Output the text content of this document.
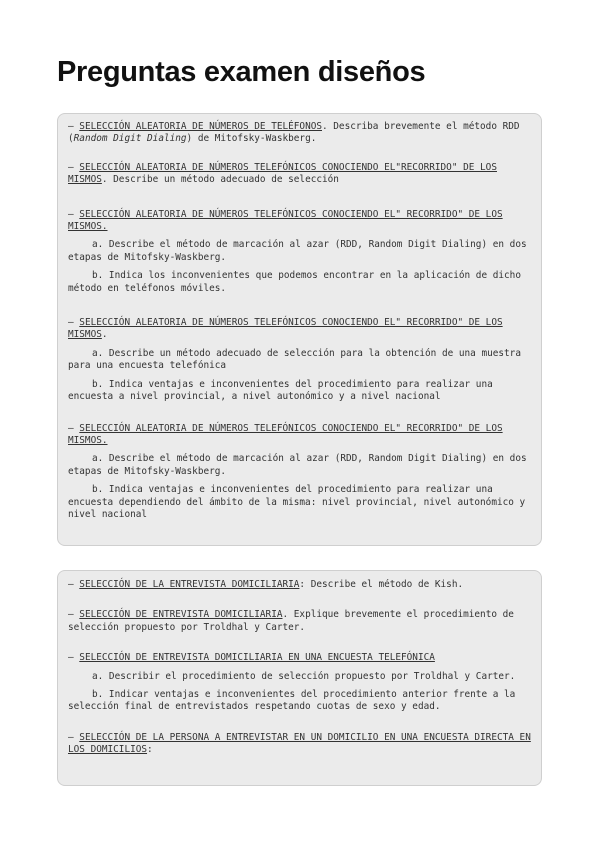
Preguntas examen diseños

– SELECCIÓN ALEATORIA DE NÚMEROS DE TELÉFONOS. Describa brevemente el método RDD (Random Digit Dialing) de Mitofsky-Waskberg.

– SELECCIÓN ALEATORIA DE NÚMEROS TELEFÓNICOS CONOCIENDO EL"RECORRIDO" DE LOS MISMOS. Describe un método adecuado de selección

– SELECCIÓN ALEATORIA DE NÚMEROS TELEFÓNICOS CONOCIENDO EL" RECORRIDO" DE LOS MISMOS.

a. Describe el método de marcación al azar (RDD, Random Digit Dialing) en dos etapas de Mitofsky-Waskberg.

b. Indica los inconvenientes que podemos encontrar en la aplicación de dicho método en teléfonos móviles.

– SELECCIÓN ALEATORIA DE NÚMEROS TELEFÓNICOS CONOCIENDO EL" RECORRIDO" DE LOS MISMOS.

a. Describe un método adecuado de selección para la obtención de una muestra para una encuesta telefónica

b. Indica ventajas e inconvenientes del procedimiento para realizar una encuesta a nivel provincial, a nivel autonómico y a nivel nacional

– SELECCIÓN ALEATORIA DE NÚMEROS TELEFÓNICOS CONOCIENDO EL" RECORRIDO" DE LOS MISMOS.

a. Describe el método de marcación al azar (RDD, Random Digit Dialing) en dos etapas de Mitofsky-Waskberg.

b. Indica ventajas e inconvenientes del procedimiento para realizar una encuesta dependiendo del ámbito de la misma: nivel provincial, nivel autonómico y nivel nacional

– SELECCIÓN DE LA ENTREVISTA DOMICILIARIA: Describe el método de Kish.

– SELECCIÓN DE ENTREVISTA DOMICILIARIA. Explique brevemente el procedimiento de selección propuesto por Troldhal y Carter.

– SELECCIÓN DE ENTREVISTA DOMICILIARIA EN UNA ENCUESTA TELEFÓNICA

a. Describir el procedimiento de selección propuesto por Troldhal y Carter.

b. Indicar ventajas e inconvenientes del procedimiento anterior frente a la selección final de entrevistados respetando cuotas de sexo y edad.

– SELECCIÓN DE LA PERSONA A ENTREVISTAR EN UN DOMICILIO EN UNA ENCUESTA DIRECTA EN LOS DOMICILIOS:
